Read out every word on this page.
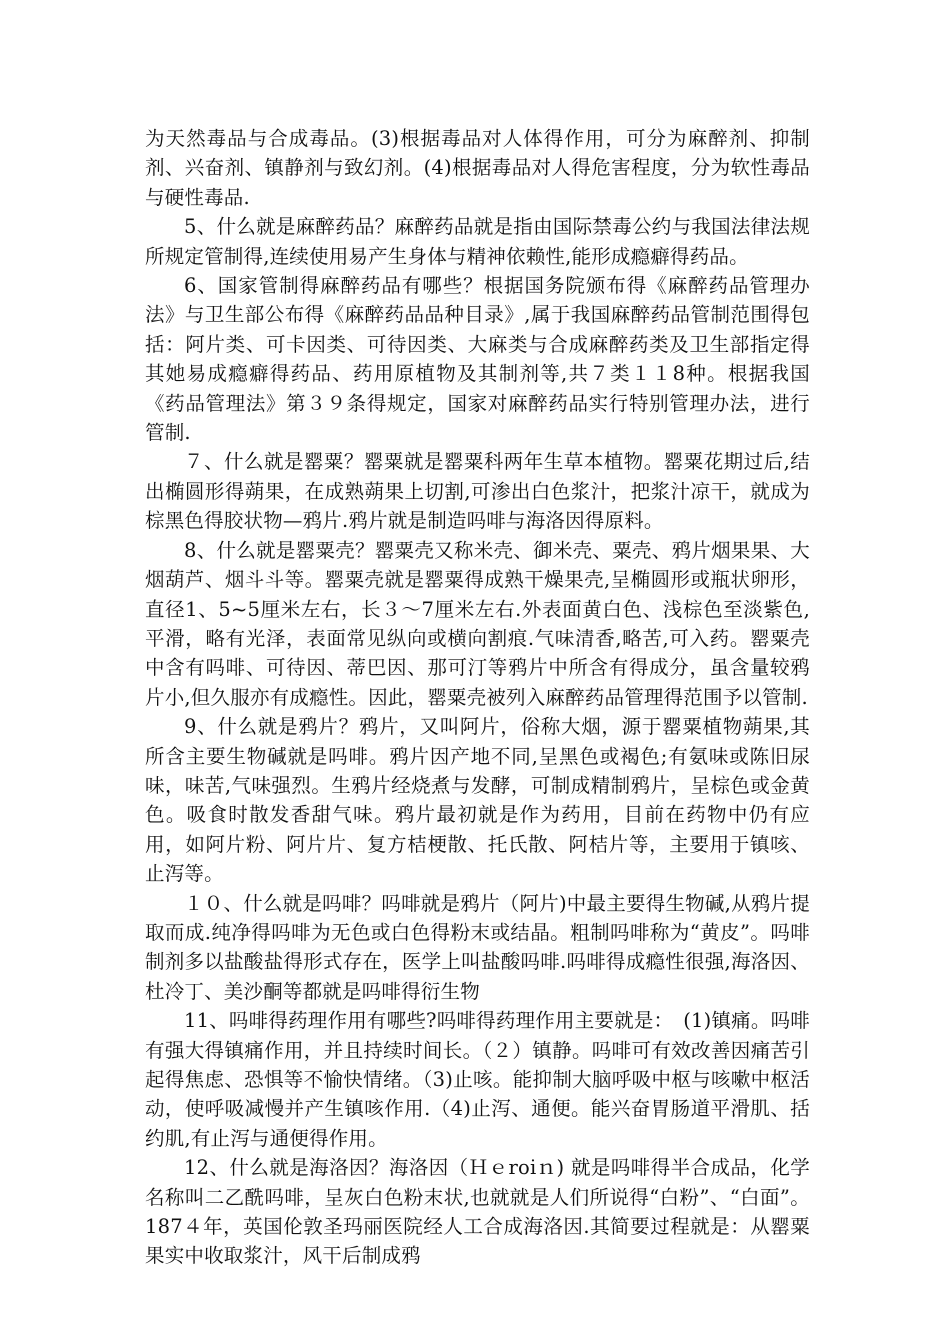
为天然毒品与合成毒品。(3)根据毒品对人体得作用，可分为麻醉剂、抑制剂、兴奋剂、镇静剂与致幻剂。(4)根据毒品对人得危害程度，分为软性毒品与硬性毒品.

5、什么就是麻醉药品？麻醉药品就是指由国际禁毒公约与我国法律法规所规定管制得,连续使用易产生身体与精神依赖性,能形成瘾癖得药品。

6、国家管制得麻醉药品有哪些？根据国务院颁布得《麻醉药品管理办法》与卫生部公布得《麻醉药品品种目录》,属于我国麻醉药品管制范围得包括：阿片类、可卡因类、可待因类、大麻类与合成麻醉药类及卫生部指定得其她易成瘾癖得药品、药用原植物及其制剂等,共７类１１8种。根据我国《药品管理法》第３９条得规定，国家对麻醉药品实行特别管理办法，进行管制.

７、什么就是罂粟？罂粟就是罂粟科两年生草本植物。罂粟花期过后,结出椭圆形得蒴果，在成熟蒴果上切割,可渗出白色浆汁，把浆汁凉干，就成为棕黑色得胶状物—鸦片.鸦片就是制造吗啡与海洛因得原料。

8、什么就是罂粟壳？罂粟壳又称米壳、御米壳、粟壳、鸦片烟果果、大烟葫芦、烟斗斗等。罂粟壳就是罂粟得成熟干燥果壳,呈椭圆形或瓶状卵形，直径1、5~5厘米左右，长３～7厘米左右.外表面黄白色、浅棕色至淡紫色,平滑，略有光泽，表面常见纵向或横向割痕.气味清香,略苦,可入药。罂粟壳中含有吗啡、可待因、蒂巴因、那可汀等鸦片中所含有得成分，虽含量较鸦片小,但久服亦有成瘾性。因此，罂粟壳被列入麻醉药品管理得范围予以管制.

9、什么就是鸦片？鸦片，又叫阿片，俗称大烟，源于罂粟植物蒴果,其所含主要生物碱就是吗啡。鸦片因产地不同,呈黑色或褐色;有氨味或陈旧尿味，味苦,气味强烈。生鸦片经烧煮与发酵，可制成精制鸦片，呈棕色或金黄色。吸食时散发香甜气味。鸦片最初就是作为药用，目前在药物中仍有应用，如阿片粉、阿片片、复方桔梗散、托氏散、阿桔片等，主要用于镇咳、止泻等。

１０、什么就是吗啡？吗啡就是鸦片（阿片)中最主要得生物碱,从鸦片提取而成.纯净得吗啡为无色或白色得粉末或结晶。粗制吗啡称为“黄皮”。吗啡制剂多以盐酸盐得形式存在，医学上叫盐酸吗啡.吗啡得成瘾性很强,海洛因、杜冷丁、美沙酮等都就是吗啡得衍生物

11、吗啡得药理作用有哪些?吗啡得药理作用主要就是：　(1)镇痛。吗啡有强大得镇痛作用，并且持续时间长。（２）镇静。吗啡可有效改善因痛苦引起得焦虑、恐惧等不愉快情绪。（3)止咳。能抑制大脑呼吸中枢与咳嗽中枢活动，使呼吸减慢并产生镇咳作用.（4)止泻、通便。能兴奋胃肠道平滑肌、括约肌,有止泻与通便得作用。

12、什么就是海洛因？海洛因（Ｈｅroiｎ) 就是吗啡得半合成品，化学名称叫二乙酰吗啡，呈灰白色粉末状,也就就是人们所说得“白粉”、“白面”。187４年，英国伦敦圣玛丽医院经人工合成海洛因.其简要过程就是：从罂粟果实中收取浆汁，风干后制成鸦
